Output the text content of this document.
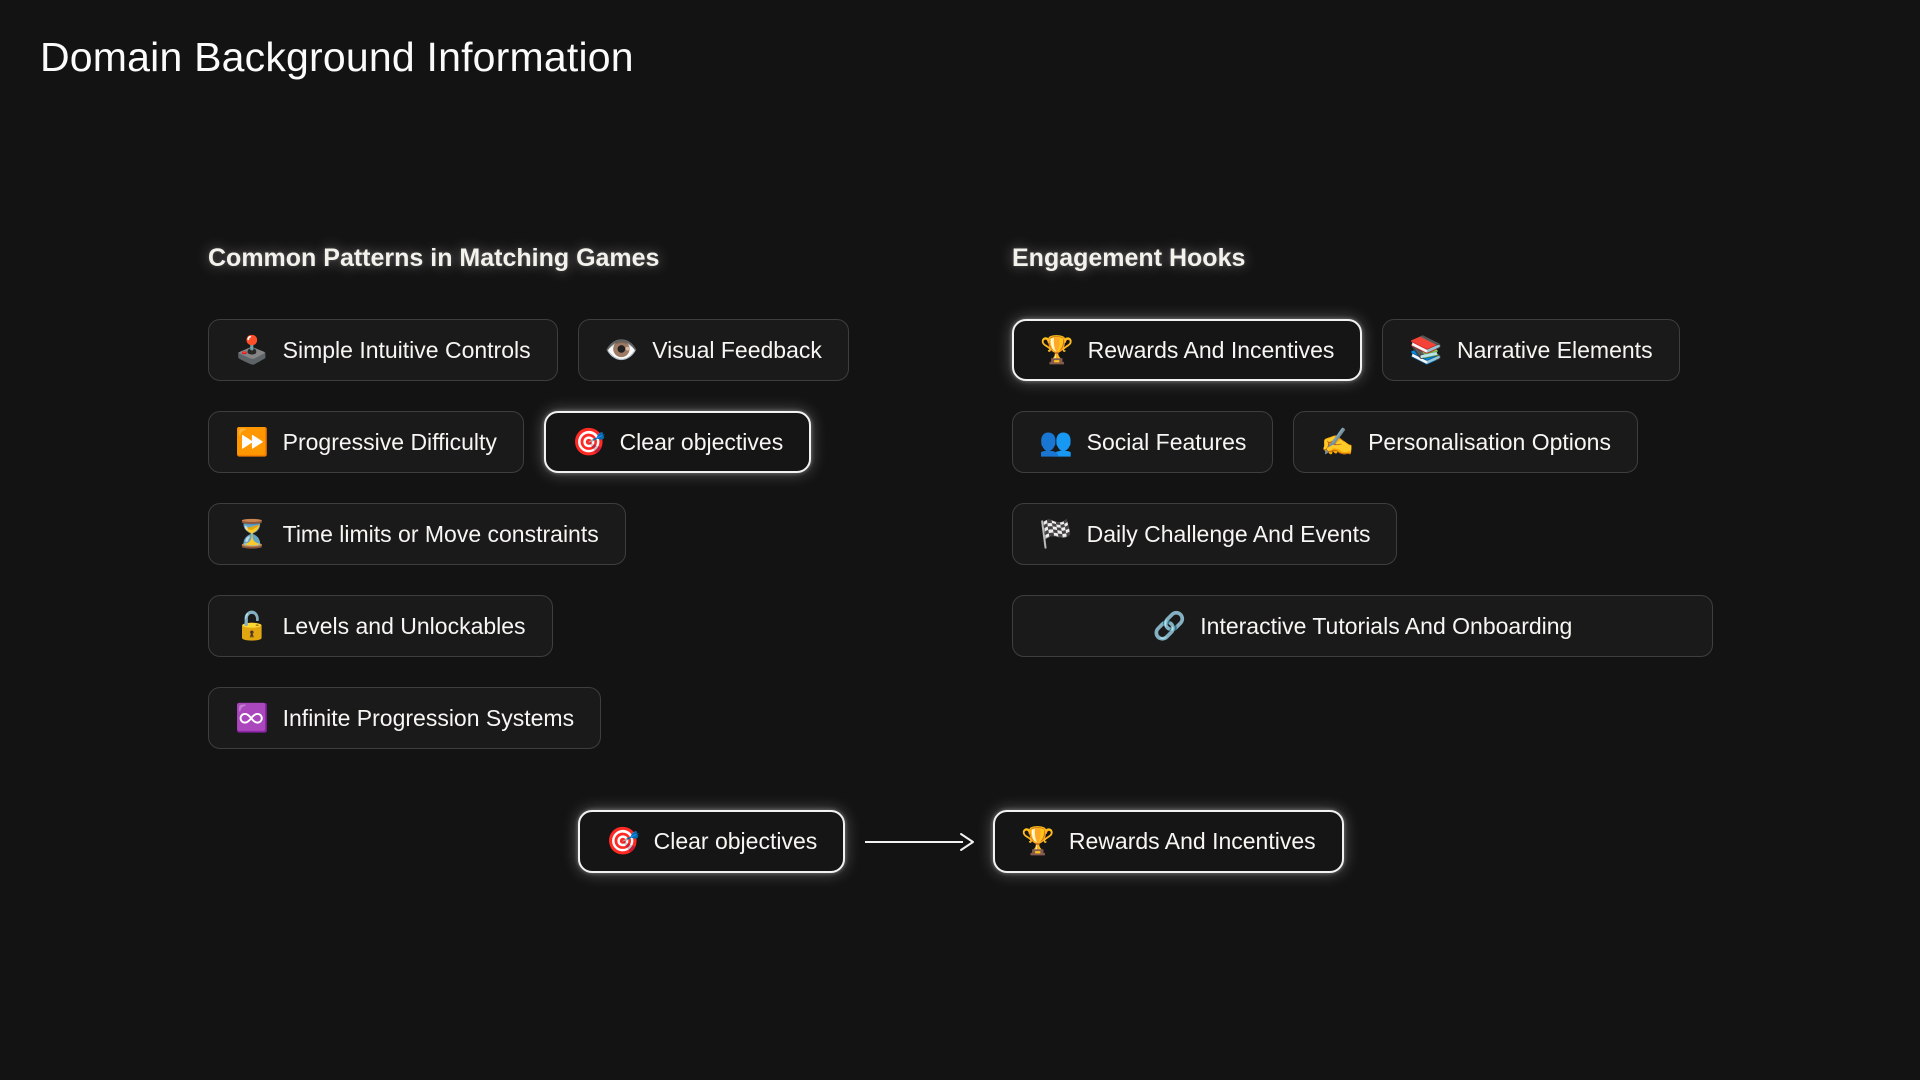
Domain Background Information
Common Patterns in Matching Games
🕹️ Simple Intuitive Controls	👁️ Visual Feedback
⏩ Progressive Difficulty	🎯 Clear objectives
⏳ Time limits or Move constraints
🔓 Levels and Unlockables
♾️ Infinite Progression Systems
Engagement Hooks
🏆 Rewards And Incentives	📚 Narrative Elements
👥 Social Features	✍️ Personalisation Options
🏁 Daily Challenge And Events
🔗 Interactive Tutorials And Onboarding
🎯 Clear objectives	🏆 Rewards And Incentives
